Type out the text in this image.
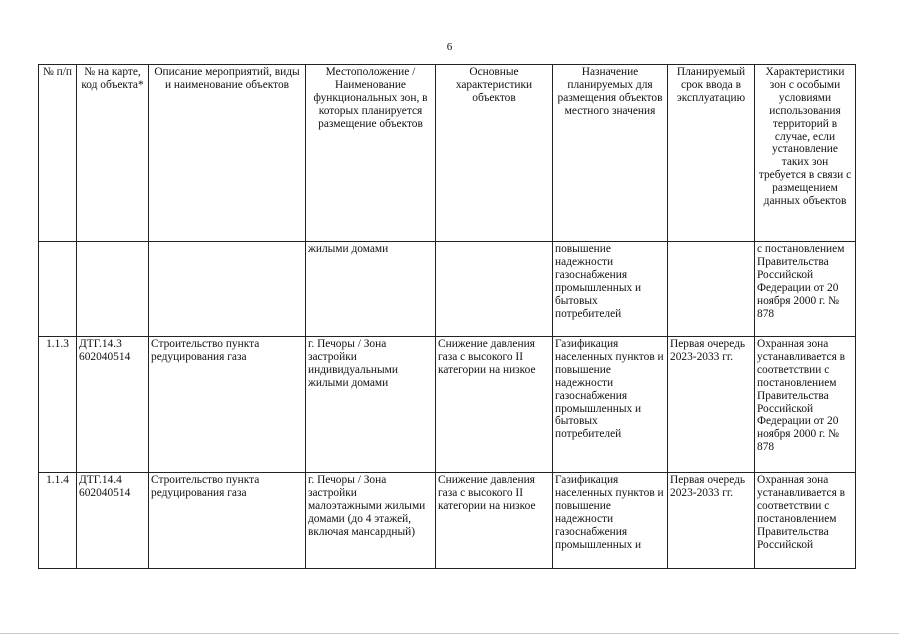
6
№ п/п	№ на карте, код объекта*	Описание мероприятий, виды и наименование объектов	Местоположение / Наименование функциональных зон, в которых планируется размещение объектов	Основные характеристики объектов	Назначение планируемых для размещения объектов местного значения	Планируемый срок ввода в эксплуатацию	Характеристики зон с особыми условиями использования территорий в случае, если установление таких зон требуется в связи с размещением данных объектов
			жилыми домами		повышение надежности газоснабжения промышленных и бытовых потребителей		с постановлением Правительства Российской Федерации от 20 ноября 2000 г. № 878
1.1.3	ДТГ.14.3 602040514	Строительство пункта редуцирования газа	г. Печоры / Зона застройки индивидуальными жилыми домами	Снижение давления газа с высокого II категории на низкое	Газификация населенных пунктов и повышение надежности газоснабжения промышленных и бытовых потребителей	Первая очередь 2023-2033 гг.	Охранная зона устанавливается в соответствии с постановлением Правительства Российской Федерации от 20 ноября 2000 г. № 878
1.1.4	ДТГ.14.4 602040514	Строительство пункта редуцирования газа	г. Печоры / Зона застройки малоэтажными жилыми домами (до 4 этажей, включая мансардный)	Снижение давления газа с высокого II категории на низкое	Газификация населенных пунктов и повышение надежности газоснабжения промышленных и	Первая очередь 2023-2033 гг.	Охранная зона устанавливается в соответствии с постановлением Правительства Российской
